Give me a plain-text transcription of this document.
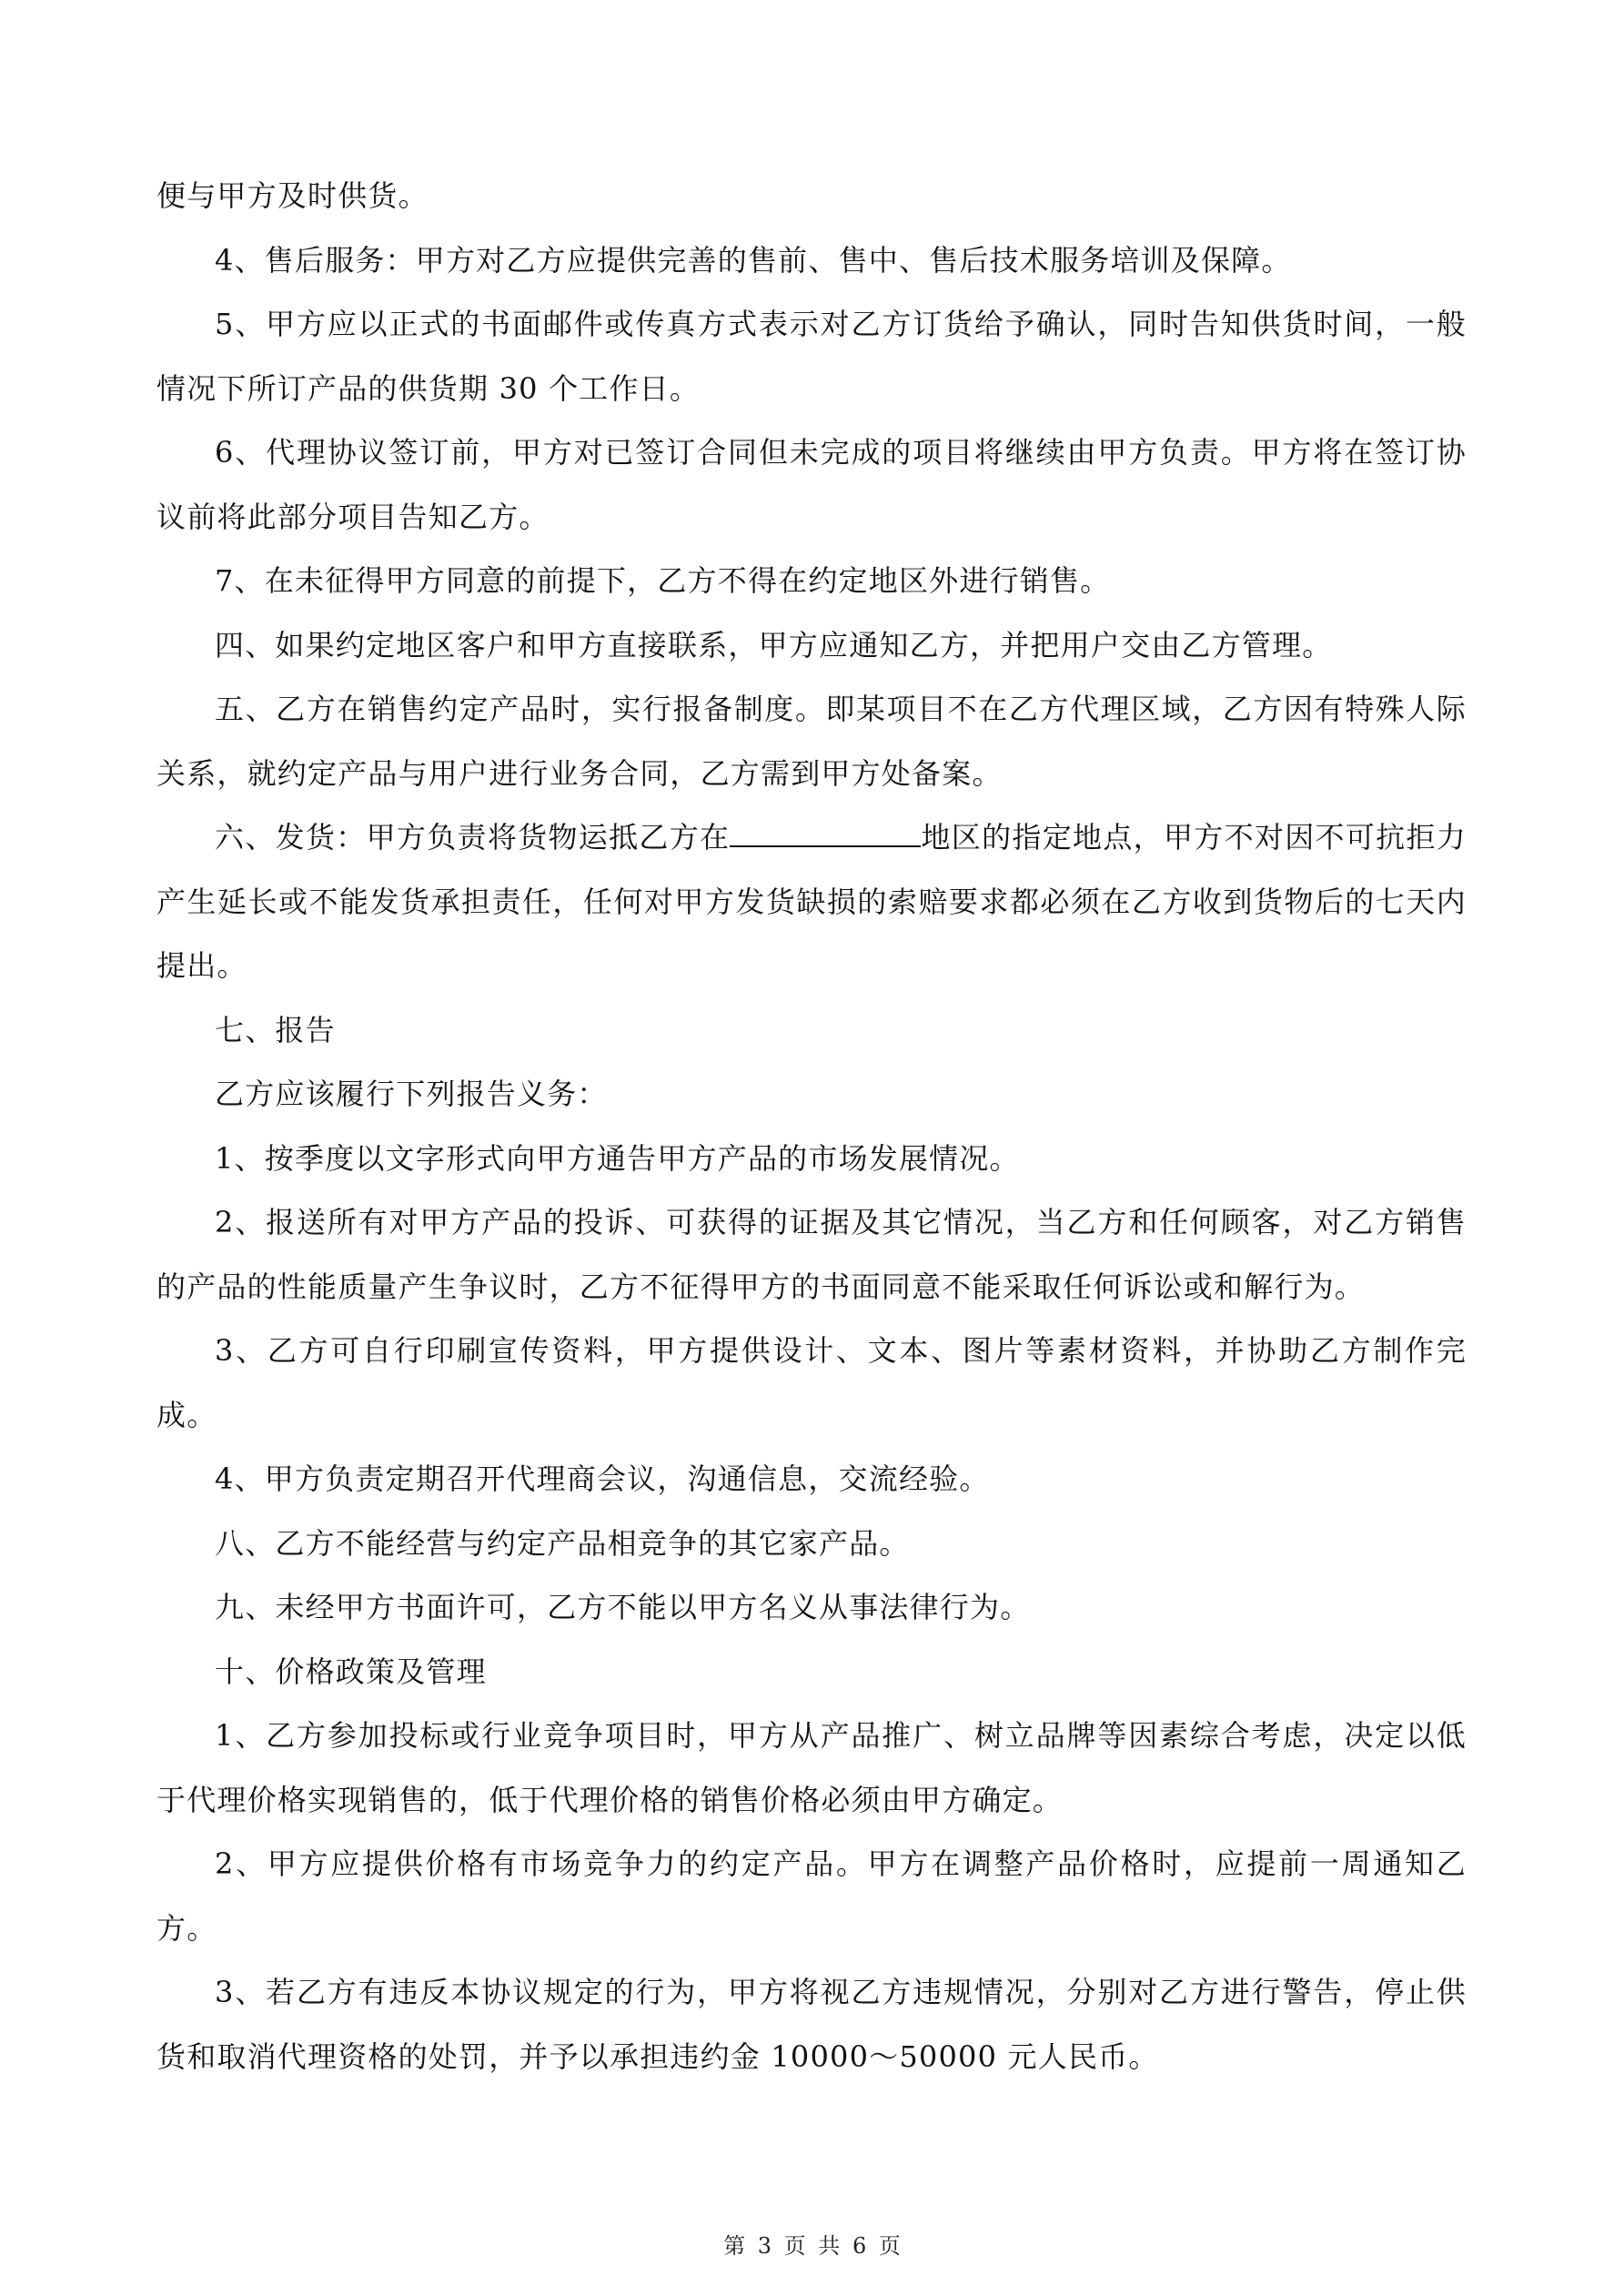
便与甲方及时供货。

4、售后服务：甲方对乙方应提供完善的售前、售中、售后技术服务培训及保障。

5、甲方应以正式的书面邮件或传真方式表示对乙方订货给予确认，同时告知供货时间，一般情况下所订产品的供货期 30 个工作日。

6、代理协议签订前，甲方对已签订合同但未完成的项目将继续由甲方负责。甲方将在签订协议前将此部分项目告知乙方。

7、在未征得甲方同意的前提下，乙方不得在约定地区外进行销售。

四、如果约定地区客户和甲方直接联系，甲方应通知乙方，并把用户交由乙方管理。

五、乙方在销售约定产品时，实行报备制度。即某项目不在乙方代理区域，乙方因有特殊人际关系，就约定产品与用户进行业务合同，乙方需到甲方处备案。

六、发货：甲方负责将货物运抵乙方在	地区的指定地点，甲方不对因不可抗拒力产生延长或不能发货承担责任，任何对甲方发货缺损的索赔要求都必须在乙方收到货物后的七天内提出。

七、报告

乙方应该履行下列报告义务：

1、按季度以文字形式向甲方通告甲方产品的市场发展情况。

2、报送所有对甲方产品的投诉、可获得的证据及其它情况，当乙方和任何顾客，对乙方销售的产品的性能质量产生争议时，乙方不征得甲方的书面同意不能采取任何诉讼或和解行为。

3、乙方可自行印刷宣传资料，甲方提供设计、文本、图片等素材资料，并协助乙方制作完成。

4、甲方负责定期召开代理商会议，沟通信息，交流经验。

八、乙方不能经营与约定产品相竞争的其它家产品。

九、未经甲方书面许可，乙方不能以甲方名义从事法律行为。

十、价格政策及管理

1、乙方参加投标或行业竞争项目时，甲方从产品推广、树立品牌等因素综合考虑，决定以低于代理价格实现销售的，低于代理价格的销售价格必须由甲方确定。

2、甲方应提供价格有市场竞争力的约定产品。甲方在调整产品价格时，应提前一周通知乙方。

3、若乙方有违反本协议规定的行为，甲方将视乙方违规情况，分别对乙方进行警告，停止供货和取消代理资格的处罚，并予以承担违约金 10000～50000 元人民币。

第 3 页 共 6 页
